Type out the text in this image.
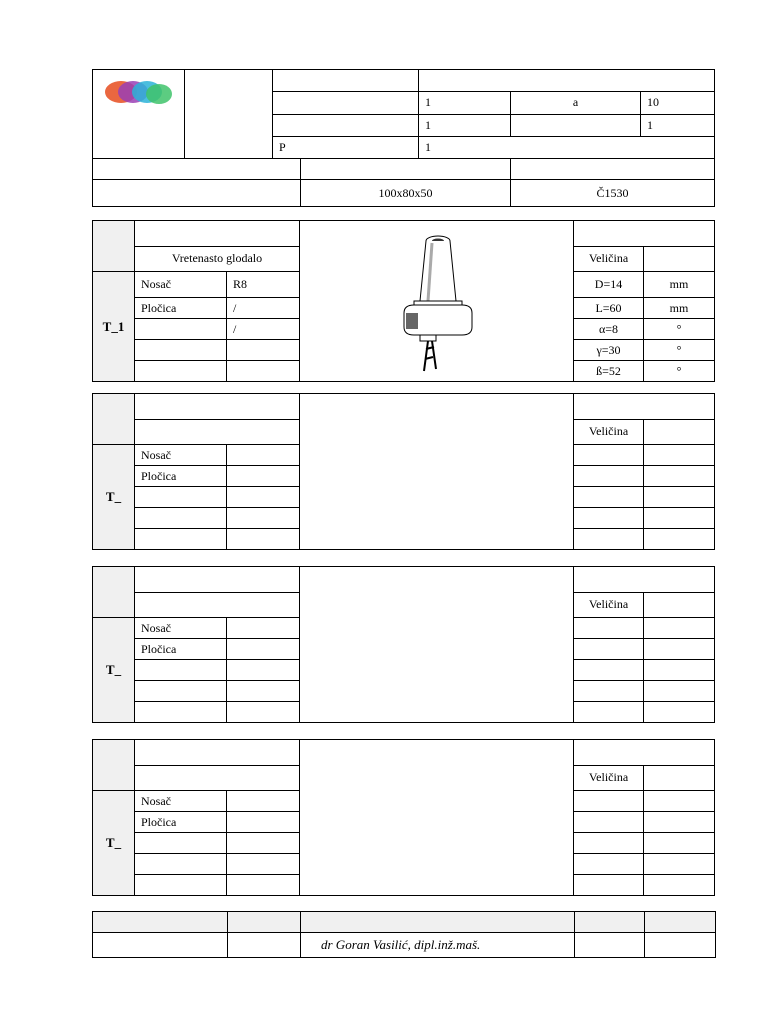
				1	a	10
				1		1
		P		1		

			100x80x50		Č1530	

	Vretenasto glodalo			Veličina	
T_1	Nosač	R8		D=14	mm
	Pločica	/		L=60	mm
		/		α=8	°
				γ=30	°
				ß=52	°

				Veličina	
T_	Nosač				
	Pločica				

				Veličina	
T_	Nosač				
	Pločica				

				Veličina	
T_	Nosač				
	Pločica				

		dr Goran Vasilić, dipl.inž.maš.		
